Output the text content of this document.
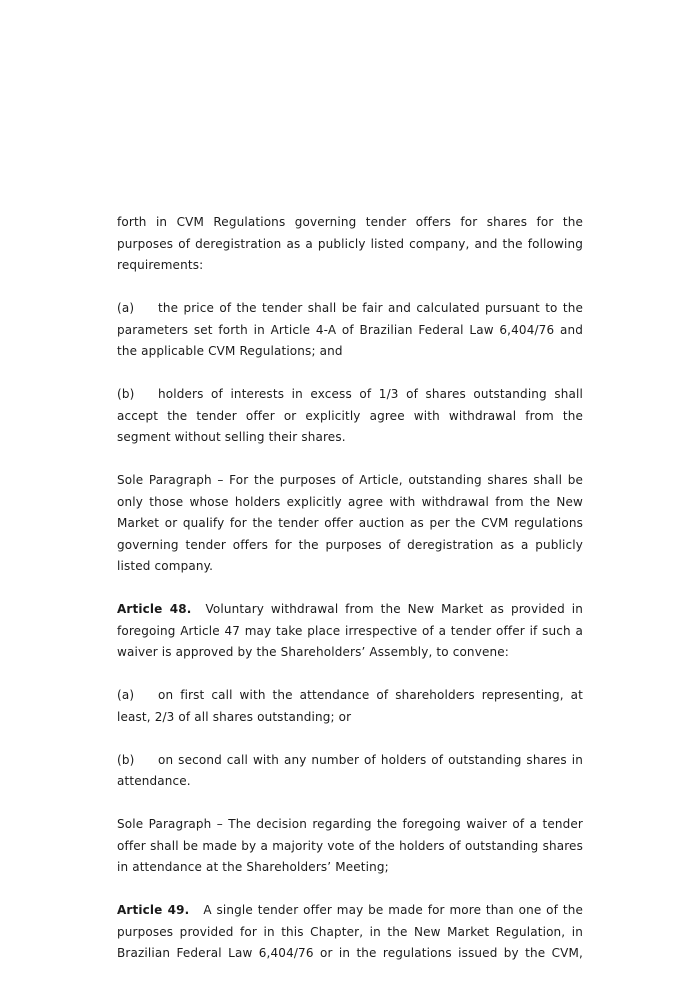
forth in CVM Regulations governing tender offers for shares for the purposes of deregistration as a publicly listed company, and the following requirements:

(a) the price of the tender shall be fair and calculated pursuant to the parameters set forth in Article 4-A of Brazilian Federal Law 6,404/76 and the applicable CVM Regulations; and

(b) holders of interests in excess of 1/3 of shares outstanding shall accept the tender offer or explicitly agree with withdrawal from the segment without selling their shares.

Sole Paragraph – For the purposes of Article, outstanding shares shall be only those whose holders explicitly agree with withdrawal from the New Market or qualify for the tender offer auction as per the CVM regulations governing tender offers for the purposes of deregistration as a publicly listed company.

Article 48. Voluntary withdrawal from the New Market as provided in foregoing Article 47 may take place irrespective of a tender offer if such a waiver is approved by the Shareholders’ Assembly, to convene:

(a) on first call with the attendance of shareholders representing, at least, 2/3 of all shares outstanding; or

(b) on second call with any number of holders of outstanding shares in attendance.

Sole Paragraph – The decision regarding the foregoing waiver of a tender offer shall be made by a majority vote of the holders of outstanding shares in attendance at the Shareholders’ Meeting;

Article 49. A single tender offer may be made for more than one of the purposes provided for in this Chapter, in the New Market Regulation, in Brazilian Federal Law 6,404/76 or in the regulations issued by the CVM,
